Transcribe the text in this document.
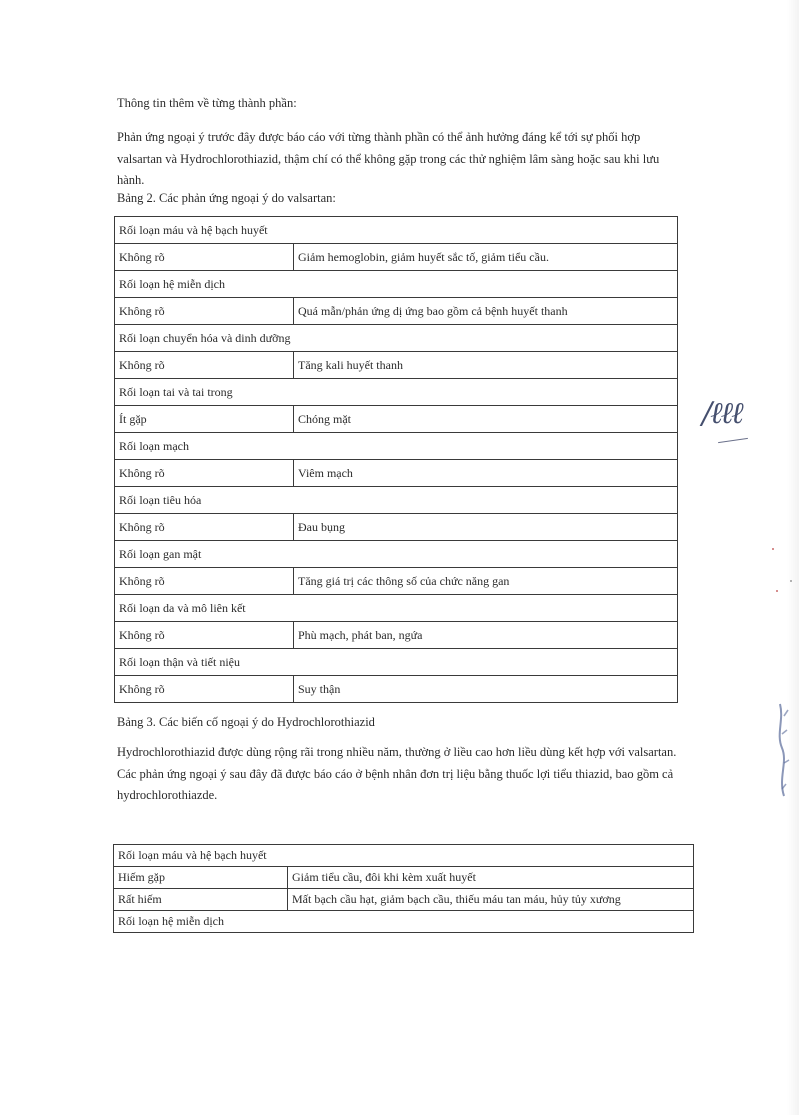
Thông tin thêm về từng thành phần:
Phản ứng ngoại ý trước đây được báo cáo với từng thành phần có thể ảnh hưởng đáng kể tới sự phối hợp valsartan và Hydrochlorothiazid, thậm chí có thể không gặp trong các thử nghiệm lâm sàng hoặc sau khi lưu hành.
Bảng 2. Các phản ứng ngoại ý do valsartan:
Rối loạn máu và hệ bạch huyết	
Không rõ	Giảm hemoglobin, giảm huyết sắc tố, giảm tiểu cầu.
Rối loạn hệ miễn dịch	
Không rõ	Quá mẫn/phản ứng dị ứng bao gồm cả bệnh huyết thanh
Rối loạn chuyển hóa và dinh dưỡng	
Không rõ	Tăng kali huyết thanh
Rối loạn tai và tai trong	
Ít gặp	Chóng mặt
Rối loạn mạch	
Không rõ	Viêm mạch
Rối loạn tiêu hóa	
Không rõ	Đau bụng
Rối loạn gan mật	
Không rõ	Tăng giá trị các thông số của chức năng gan
Rối loạn da và mô liên kết	
Không rõ	Phù mạch, phát ban, ngứa
Rối loạn thận và tiết niệu	
Không rõ	Suy thận
Bảng 3. Các biến cố ngoại ý do Hydrochlorothiazid
Hydrochlorothiazid được dùng rộng rãi trong nhiều năm, thường ở liều cao hơn liều dùng kết hợp với valsartan. Các phản ứng ngoại ý sau đây đã được báo cáo ở bệnh nhân đơn trị liệu bằng thuốc lợi tiểu thiazid, bao gồm cả hydrochlorothiazde.
Rối loạn máu và hệ bạch huyết	
Hiếm gặp	Giảm tiểu cầu, đôi khi kèm xuất huyết
Rất hiếm	Mất bạch cầu hạt, giảm bạch cầu, thiếu máu tan máu, hủy tủy xương
Rối loạn hệ miễn dịch	
/ℓℓℓ
